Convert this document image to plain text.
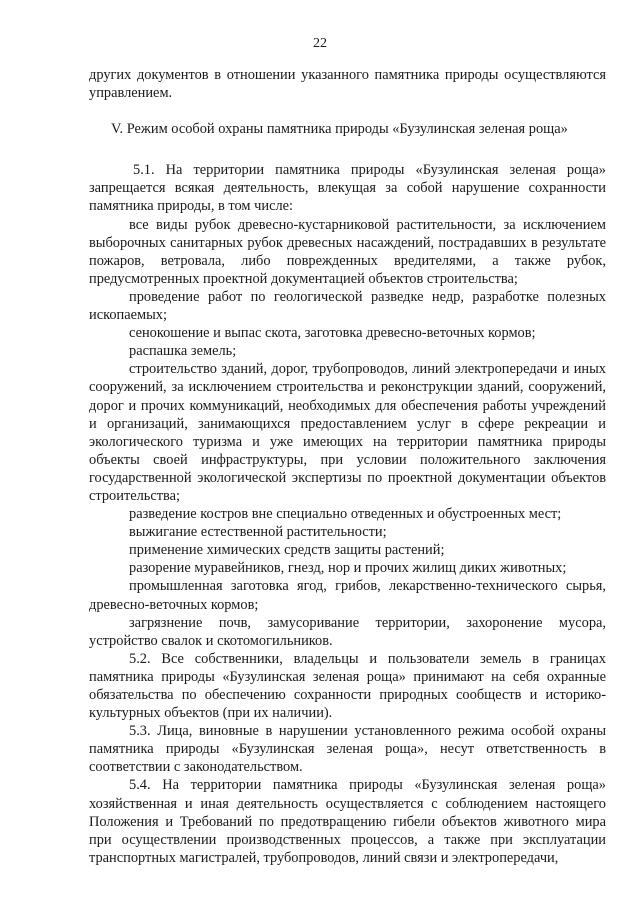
22

других документов в отношении указанного памятника природы осуществляются управлением.

V. Режим особой охраны памятника природы «Бузулинская зеленая роща»

5.1. На территории памятника природы «Бузулинская зеленая роща» запрещается всякая деятельность, влекущая за собой нарушение сохранности памятника природы, в том числе:

все виды рубок древесно-кустарниковой растительности, за исключением выборочных санитарных рубок древесных насаждений, пострадавших в результате пожаров, ветровала, либо поврежденных вредителями, а также рубок, предусмотренных проектной документацией объектов строительства;

проведение работ по геологической разведке недр, разработке полезных ископаемых;

сенокошение и выпас скота, заготовка древесно-веточных кормов;

распашка земель;

строительство зданий, дорог, трубопроводов, линий электропередачи и иных сооружений, за исключением строительства и реконструкции зданий, сооружений, дорог и прочих коммуникаций, необходимых для обеспечения работы учреждений и организаций, занимающихся предоставлением услуг в сфере рекреации и экологического туризма и уже имеющих на территории памятника природы объекты своей инфраструктуры, при условии положительного заключения государственной экологической экспертизы по проектной документации объектов строительства;

разведение костров вне специально отведенных и обустроенных мест;

выжигание естественной растительности;

применение химических средств защиты растений;

разорение муравейников, гнезд, нор и прочих жилищ диких животных;

промышленная заготовка ягод, грибов, лекарственно-технического сырья, древесно-веточных кормов;

загрязнение почв, замусоривание территории, захоронение мусора, устройство свалок и скотомогильников.

5.2. Все собственники, владельцы и пользователи земель в границах памятника природы «Бузулинская зеленая роща» принимают на себя охранные обязательства по обеспечению сохранности природных сообществ и историко-культурных объектов (при их наличии).

5.3. Лица, виновные в нарушении установленного режима особой охраны памятника природы «Бузулинская зеленая роща», несут ответственность в соответствии с законодательством.

5.4. На территории памятника природы «Бузулинская зеленая роща» хозяйственная и иная деятельность осуществляется с соблюдением настоящего Положения и Требований по предотвращению гибели объектов животного мира при осуществлении производственных процессов, а также при эксплуатации транспортных магистралей, трубопроводов, линий связи и электропередачи,
